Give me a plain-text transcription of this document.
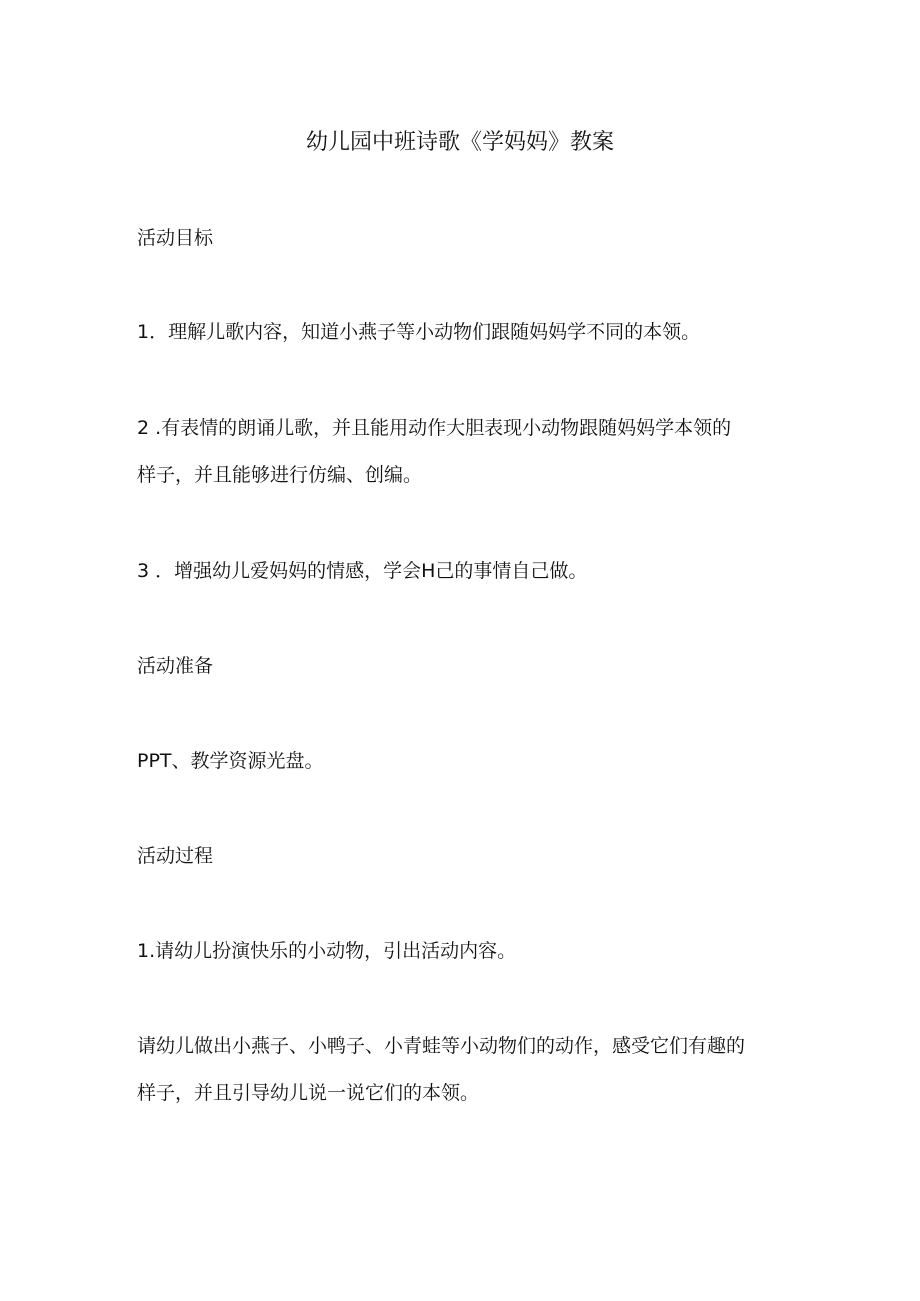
幼儿园中班诗歌《学妈妈》教案
活动目标
1．理解儿歌内容，知道小燕子等小动物们跟随妈妈学不同的本领。
2 .有表情的朗诵儿歌，并且能用动作大胆表现小动物跟随妈妈学本领的
样子，并且能够进行仿编、创编。
3 ．增强幼儿爱妈妈的情感，学会H己的事情自己做。
活动准备
PPT、教学资源光盘。
活动过程
1.请幼儿扮演快乐的小动物，引出活动内容。
请幼儿做出小燕子、小鸭子、小青蛙等小动物们的动作，感受它们有趣的
样子，并且引导幼儿说一说它们的本领。
